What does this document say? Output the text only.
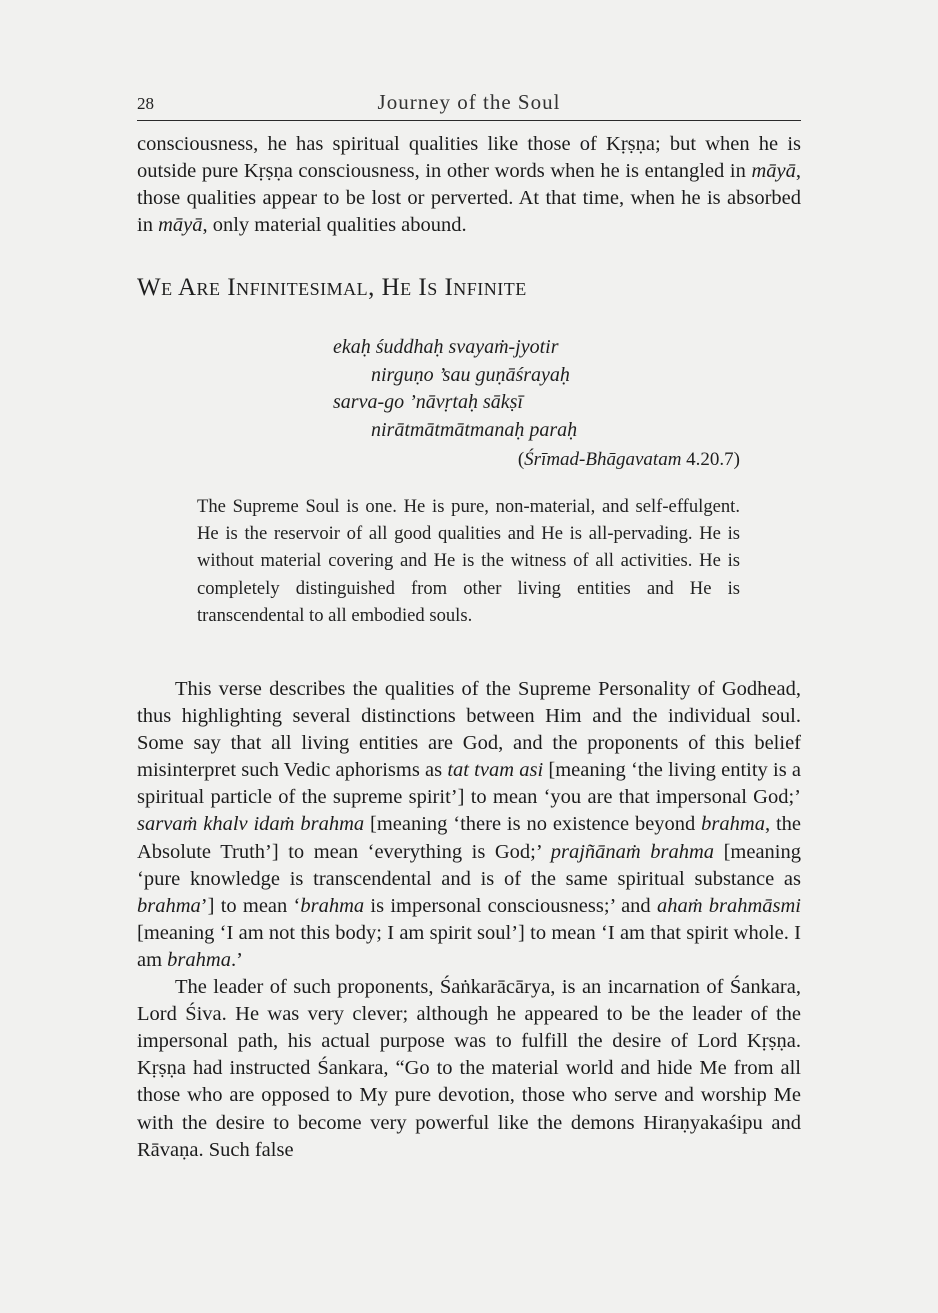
28	Journey of the Soul

consciousness, he has spiritual qualities like those of Kṛṣṇa; but when he is outside pure Kṛṣṇa consciousness, in other words when he is entangled in māyā, those qualities appear to be lost or perverted. At that time, when he is absorbed in māyā, only material qualities abound.

We Are Infinitesimal, He Is Infinite
ekaḥ śuddhaḥ svayaṁ-jyotir
nirguṇo ’sau guṇāśrayaḥ
sarva-go ’nāvṛtaḥ sākṣī
nirātmātmātmanaḥ paraḥ
(Śrīmad-Bhāgavatam 4.20.7)
The Supreme Soul is one. He is pure, non-material, and self-effulgent. He is the reservoir of all good qualities and He is all-pervading. He is without material covering and He is the witness of all activities. He is completely distinguished from other living entities and He is transcendental to all embodied souls.

This verse describes the qualities of the Supreme Personality of Godhead, thus highlighting several distinctions between Him and the individual soul. Some say that all living entities are God, and the proponents of this belief misinterpret such Vedic aphorisms as tat tvam asi [meaning ‘the living entity is a spiritual particle of the supreme spirit’] to mean ‘you are that impersonal God;’ sarvaṁ khalv idaṁ brahma [meaning ‘there is no existence beyond brahma, the Absolute Truth’] to mean ‘everything is God;’ prajñānaṁ brahma [meaning ‘pure knowledge is transcendental and is of the same spiritual substance as brahma’] to mean ‘brahma is impersonal consciousness;’ and ahaṁ brahmāsmi [meaning ‘I am not this body; I am spirit soul’] to mean ‘I am that spirit whole. I am brahma.’

The leader of such proponents, Śaṅkarācārya, is an incarnation of Śankara, Lord Śiva. He was very clever; although he appeared to be the leader of the impersonal path, his actual purpose was to fulfill the desire of Lord Kṛṣṇa. Kṛṣṇa had instructed Śankara, “Go to the material world and hide Me from all those who are opposed to My pure devotion, those who serve and worship Me with the desire to become very powerful like the demons Hiraṇyakaśipu and Rāvaṇa. Such false
